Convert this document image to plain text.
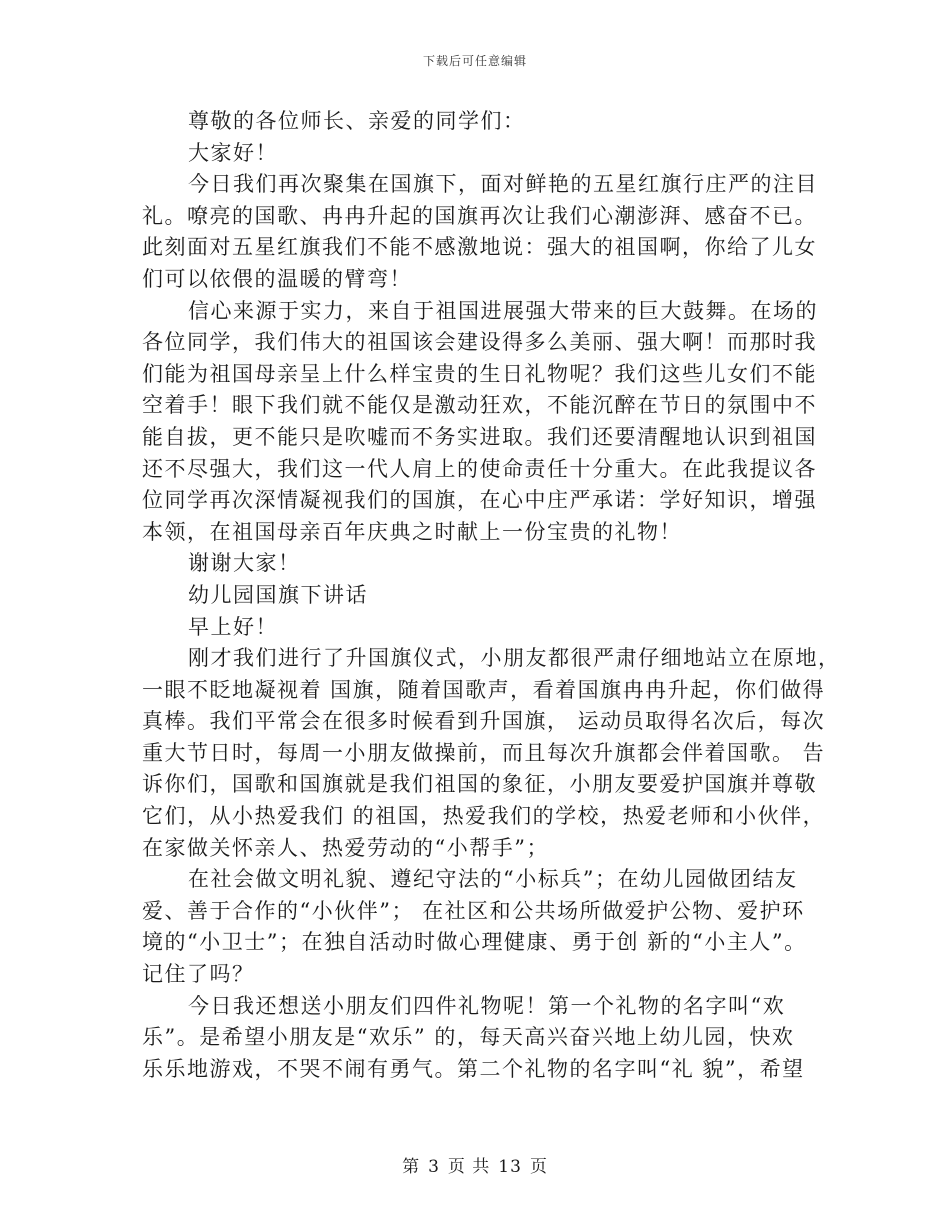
下载后可任意编辑
尊敬的各位师长、亲爱的同学们：
大家好！
今日我们再次聚集在国旗下，面对鲜艳的五星红旗行庄严的注目
礼。嘹亮的国歌、冉冉升起的国旗再次让我们心潮澎湃、感奋不已。
此刻面对五星红旗我们不能不感激地说：强大的祖国啊，你给了儿女
们可以依偎的温暖的臂弯！
信心来源于实力，来自于祖国进展强大带来的巨大鼓舞。在场的
各位同学，我们伟大的祖国该会建设得多么美丽、强大啊！而那时我
们能为祖国母亲呈上什么样宝贵的生日礼物呢？我们这些儿女们不能
空着手！眼下我们就不能仅是激动狂欢，不能沉醉在节日的氛围中不
能自拔，更不能只是吹嘘而不务实进取。我们还要清醒地认识到祖国
还不尽强大，我们这一代人肩上的使命责任十分重大。在此我提议各
位同学再次深情凝视我们的国旗，在心中庄严承诺：学好知识，增强
本领，在祖国母亲百年庆典之时献上一份宝贵的礼物！
谢谢大家！
幼儿园国旗下讲话
早上好！
刚才我们进行了升国旗仪式，小朋友都很严肃仔细地站立在原地，
一眼不眨地凝视着 国旗，随着国歌声，看着国旗冉冉升起，你们做得
真棒。我们平常会在很多时候看到升国旗， 运动员取得名次后，每次
重大节日时，每周一小朋友做操前，而且每次升旗都会伴着国歌。 告
诉你们，国歌和国旗就是我们祖国的象征，小朋友要爱护国旗并尊敬
它们，从小热爱我们 的祖国，热爱我们的学校，热爱老师和小伙伴，
在家做关怀亲人、热爱劳动的“小帮手”；
在社会做文明礼貌、遵纪守法的“小标兵”；在幼儿园做团结友
爱、善于合作的“小伙伴”； 在社区和公共场所做爱护公物、爱护环
境的“小卫士”；在独自活动时做心理健康、勇于创 新的“小主人”。
记住了吗？
今日我还想送小朋友们四件礼物呢！第一个礼物的名字叫“欢
乐”。是希望小朋友是“欢乐” 的，每天高兴奋兴地上幼儿园，快欢
乐乐地游戏，不哭不闹有勇气。第二个礼物的名字叫“礼 貌”，希望
第 3 页 共 13 页
